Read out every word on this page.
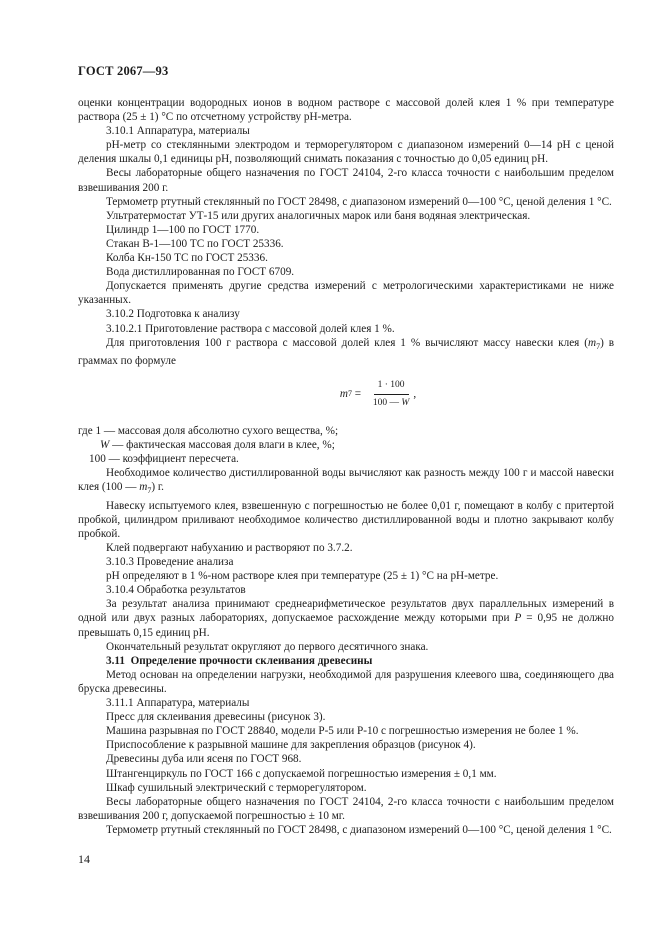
ГОСТ 2067—93

оценки концентрации водородных ионов в водном растворе с массовой долей клея 1 % при температуре раствора (25 ± 1) °С по отсчетному устройству рН-метра.

3.10.1 Аппаратура, материалы

рН-метр со стеклянными электродом и терморегулятором с диапазоном измерений 0—14 рН с ценой деления шкалы 0,1 единицы рН, позволяющий снимать показания с точностью до 0,05 единиц рН.

Весы лабораторные общего назначения по ГОСТ 24104, 2-го класса точности с наибольшим пределом взвешивания 200 г.

Термометр ртутный стеклянный по ГОСТ 28498, с диапазоном измерений 0—100 °С, ценой деления 1 °С.

Ультратермостат УТ-15 или других аналогичных марок или баня водяная электрическая.

Цилиндр 1—100 по ГОСТ 1770.

Стакан В-1—100 ТС по ГОСТ 25336.

Колба Кн-150 ТС по ГОСТ 25336.

Вода дистиллированная по ГОСТ 6709.

Допускается применять другие средства измерений с метрологическими характеристиками не ниже указанных.

3.10.2 Подготовка к анализу

3.10.2.1 Приготовление раствора с массовой долей клея 1 %.

Для приготовления 100 г раствора с массовой долей клея 1 % вычисляют массу навески клея $(m_7)$ в граммах по формуле

m $7 = \frac{1 \cdot 100}{100 — W}$ ,

где 1 — массовая доля абсолютно сухого вещества, %;

W — фактическая массовая доля влаги в клее, %;

100 — коэффициент пересчета.

Необходимое количество дистиллированной воды вычисляют как разность между 100 г и массой навески клея (100 — $m_7$) г.

Навеску испытуемого клея, взвешенную с погрешностью не более 0,01 г, помещают в колбу с притертой пробкой, цилиндром приливают необходимое количество дистиллированной воды и плотно закрывают колбу пробкой.

Клей подвергают набуханию и растворяют по 3.7.2.

3.10.3 Проведение анализа

рН определяют в 1 %-ном растворе клея при температуре (25 ± 1) °С на рН-метре.

3.10.4 Обработка результатов

За результат анализа принимают среднеарифметическое результатов двух параллельных измерений в одной или двух разных лабораториях, допускаемое расхождение между которыми при Р = 0,95 не должно превышать 0,15 единиц рН.

Окончательный результат округляют до первого десятичного знака.

3.11 Определение прочности склеивания древесины

Метод основан на определении нагрузки, необходимой для разрушения клеевого шва, соединяющего два бруска древесины.

3.11.1 Аппаратура, материалы

Пресс для склеивания древесины (рисунок 3).

Машина разрывная по ГОСТ 28840, модели Р-5 или Р-10 с погрешностью измерения не более 1 %.

Приспособление к разрывной машине для закрепления образцов (рисунок 4).

Древесины дуба или ясеня по ГОСТ 968.

Штангенциркуль по ГОСТ 166 с допускаемой погрешностью измерения ± 0,1 мм.

Шкаф сушильный электрический с терморегулятором.

Весы лабораторные общего назначения по ГОСТ 24104, 2-го класса точности с наибольшим пределом взвешивания 200 г, допускаемой погрешностью ± 10 мг.

Термометр ртутный стеклянный по ГОСТ 28498, с диапазоном измерений 0—100 °С, ценой деления 1 °С.

14
